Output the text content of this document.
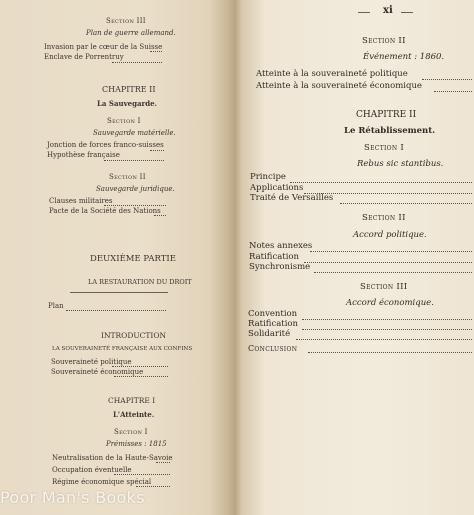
Section III
Plan de guerre allemand.
Invasion par le cœur de la Suisse
Enclave de Porrentruy
CHAPITRE II
La Sauvegarde.
Section I
Sauvegarde matérielle.
Jonction de forces franco-suisses
Hypothèse française
Section II
Sauvegarde juridique.
Clauses militaires
Pacte de la Société des Nations
DEUXIÈME PARTIE
LA RESTAURATION DU DROIT
Plan
INTRODUCTION
LA SOUVERAINETÉ FRANÇAISE AUX CONFINS
Souveraineté politique
Souveraineté économique
CHAPITRE I
L'Atteinte.
Section I
Prémisses : 1815
Neutralisation de la Haute-Savoie
Occupation éventuelle
Régime économique spécial
xi
Section II
Événement : 1860.
Atteinte à la souveraineté politique
Atteinte à la souveraineté économique
CHAPITRE II
Le Rétablissement.
Section I
Rebus sic stantibus.
Principe
Applications
Traité de Versailles
Section II
Accord politique.
Notes annexes
Ratification
Synchronisme
Section III
Accord économique.
Convention
Ratification
Solidarité
Conclusion
Poor Man's Books
